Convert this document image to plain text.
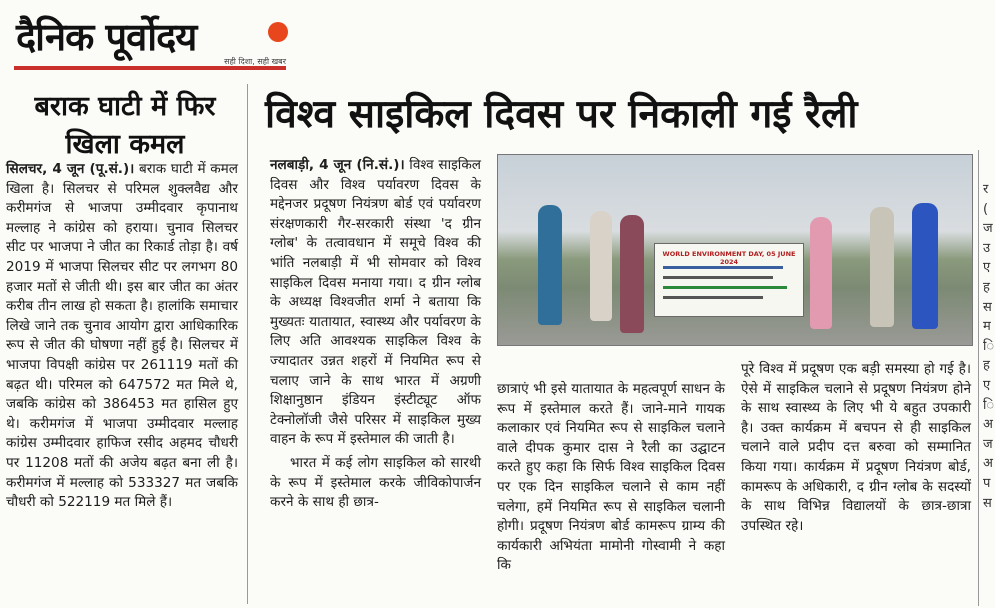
दैनिक पूर्वोदय
सही दिशा, सही खबर
बराक घाटी में फिर खिला कमल

सिलचर, 4 जून (पू.सं.)। बराक घाटी में कमल खिला है। सिलचर से परिमल शुक्लवैद्य और करीमगंज से भाजपा उम्मीदवार कृपानाथ मल्लाह ने कांग्रेस को हराया। चुनाव सिलचर सीट पर भाजपा ने जीत का रिकार्ड तोड़ा है। वर्ष 2019 में भाजपा सिलचर सीट पर लगभग 80 हजार मतों से जीती थी। इस बार जीत का अंतर करीब तीन लाख हो सकता है। हालांकि समाचार लिखे जाने तक चुनाव आयोग द्वारा आधिकारिक रूप से जीत की घोषणा नहीं हुई है। सिलचर में भाजपा विपक्षी कांग्रेस पर 261119 मतों की बढ़त थी। परिमल को 647572 मत मिले थे, जबकि कांग्रेस को 386453 मत हासिल हुए थे। करीमगंज में भाजपा उम्मीदवार मल्लाह कांग्रेस उम्मीदवार हाफिज रसीद अहमद चौधरी पर 11208 मतों की अजेय बढ़त बना ली है। करीमगंज में मल्लाह को 533327 मत जबकि चौधरी को 522119 मत मिले हैं।

विश्व साइकिल दिवस पर निकाली गई रैली

नलबाड़ी, 4 जून (नि.सं.)। विश्व साइकिल दिवस और विश्व पर्यावरण दिवस के मद्देनजर प्रदूषण नियंत्रण बोर्ड एवं पर्यावरण संरक्षणकारी गैर-सरकारी संस्था 'द ग्रीन ग्लोब' के तत्वावधान में समूचे विश्व की भांति नलबाड़ी में भी सोमवार को विश्व साइकिल दिवस मनाया गया। द ग्रीन ग्लोब के अध्यक्ष विश्वजीत शर्मा ने बताया कि मुख्यतः यातायात, स्वास्थ्य और पर्यावरण के लिए अति आवश्यक साइकिल विश्व के ज्यादातर उन्नत शहरों में नियमित रूप से चलाए जाने के साथ भारत में अग्रणी शिक्षानुष्ठान इंडियन इंस्टीट्यूट ऑफ टेक्नोलॉजी जैसे परिसर में साइकिल मुख्य वाहन के रूप में इस्तेमाल की जाती है।

भारत में कई लोग साइकिल को सारथी के रूप में इस्तेमाल करके जीविकोपार्जन करने के साथ ही छात्र-

WORLD ENVIRONMENT DAY, 05 JUNE 2024

छात्राएं भी इसे यातायात के महत्वपूर्ण साधन के रूप में इस्तेमाल करते हैं। जाने-माने गायक कलाकार एवं नियमित रूप से साइकिल चलाने वाले दीपक कुमार दास ने रैली का उद्घाटन करते हुए कहा कि सिर्फ विश्व साइकिल दिवस पर एक दिन साइकिल चलाने से काम नहीं चलेगा, हमें नियमित रूप से साइकिल चलानी होगी। प्रदूषण नियंत्रण बोर्ड कामरूप ग्राम्य की कार्यकारी अभियंता मामोनी गोस्वामी ने कहा कि

पूरे विश्व में प्रदूषण एक बड़ी समस्या हो गई है। ऐसे में साइकिल चलाने से प्रदूषण नियंत्रण होने के साथ स्वास्थ्य के लिए भी ये बहुत उपकारी है। उक्त कार्यक्रम में बचपन से ही साइकिल चलाने वाले प्रदीप दत्त बरुवा को सम्मानित किया गया। कार्यक्रम में प्रदूषण नियंत्रण बोर्ड, कामरूप के अधिकारी, द ग्रीन ग्लोब के सदस्यों के साथ विभिन्न विद्यालयों के छात्र-छात्रा उपस्थित रहे।

र ( ज उ ए ह स म ि ह ए ि अ ज अ प स
